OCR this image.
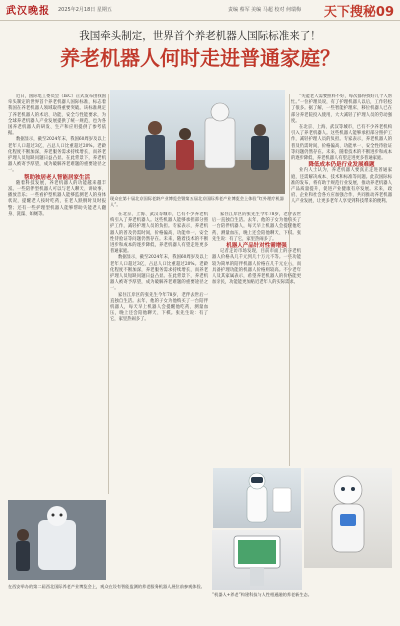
武汉晚报 2025年2月18日 星期五	责编 蔡军 美编 马超 校对 何瑞梅 天下搜秘09
我国牵头制定，世界首个养老机器人国际标准来了！
养老机器人何时走进普通家庭？

近日，国际电工委员会（IEC）正式发布由我国牵头制定的世界首个养老机器人国际标准，标志着我国在养老机器人领域取得重要突破。该标准规定了养老机器人的术语、功能、安全与性能要求，为全球养老机器人产业发展提供了统一规范，也为各国养老机器人的研发、生产和应用提供了参考依据。

数据显示，截至2024年末，我国60周岁及以上老年人口超过3亿，占总人口比重超过20%。老龄化程度不断加深，养老服务需求持续增长，而养老护理人员短缺问题日益凸显。在此背景下，养老机器人被寄予厚望，成为破解养老难题的重要途径之一。

帮助独居老人智能居家生活

随着科技发展，养老机器人的功能越来越丰富。一些陪伴型机器人可以与老人聊天、讲故事、播放音乐；一些看护型机器人能够监测老人的身体状况，提醒老人按时吃药，在老人跌倒时及时报警；还有一些护理型机器人能够帮助失能老人翻身、洗澡、如厕等。

现众在第十届北京国际老龄产业博览会暨第五届北京国际养老产业博览会上体验“红外理疗机器人”。

在北京、上海、武汉等城市，已有不少养老机构引入了养老机器人。这些机器人能够承担部分照护工作，减轻护理人员的负担。专家表示，养老机器人的普及仍需时间，价格偏高、功能单一、安全性待验证等问题仍然存在。未来，随着技术的不断进步和成本的逐步降低，养老机器人有望走进更多普通家庭。

数据显示，截至2024年末，我国60周岁及以上老年人口超过3亿，占总人口比重超过20%。老龄化程度不断加深，养老服务需求持续增长，而养老护理人员短缺问题日益凸显。在此背景下，养老机器人被寄予厚望，成为破解养老难题的重要途径之一。

家住江岸区的张先生今年78岁，老伴去世后一直独自生活。去年，他的子女为他购买了一台陪伴机器人，每天早上机器人会提醒他吃药、测量血压，晚上还会陪他聊天、下棋。张先生说：有了它，家里热闹多了。

家住江岸区的张先生今年78岁，老伴去世后一直独自生活。去年，他的子女为他购买了一台陪伴机器人，每天早上机器人会提醒他吃药、测量血压，晚上还会陪他聊天、下棋。张先生说：有了它，家里热闹多了。

机器人产品针对性需增强

记者走访市场发现，目前市面上的养老机器人价格从几千元到几十万元不等。一些功能较为简单的陪伴机器人价格在几千元左右，而具备护理功能的机器人价格则较高。不少老年人及其家属表示，希望养老机器人的价格能更加亲民，功能能更加贴近老年人的实际需求。

“失能老人需要照料不好，每次都得找好几个人帮忙。”一位护理员说，有了护理机器人以后，工作轻松了很多。据了解，一些智能护理床、移位机器人已在部分养老院投入使用，大大减轻了护理人员的劳动强度。

在北京、上海、武汉等城市，已有不少养老机构引入了养老机器人。这些机器人能够承担部分照护工作，减轻护理人员的负担。专家表示，养老机器人的普及仍需时间，价格偏高、功能单一、安全性待验证等问题仍然存在。未来，随着技术的不断进步和成本的逐步降低，养老机器人有望走进更多普通家庭。

降低成本仍是行业发展难题

业内人士认为，养老机器人要真正走进普通家庭，还需解决成本、技术和标准等问题。此次国际标准的发布，将有助于规范行业发展，推动养老机器人产品质量提升，促进产业健康有序发展。未来，政府、企业和社会各方应加强合作，共同推动养老机器人产业发展，让更多老年人享受到科技带来的便利。

在西安举办的第二届西北国际养老产业博览会上，观众在设有智能监测的养老服务机器人展位前参观体验。
“机器人+养老”构建科技与人性相通融的养老新生态。
